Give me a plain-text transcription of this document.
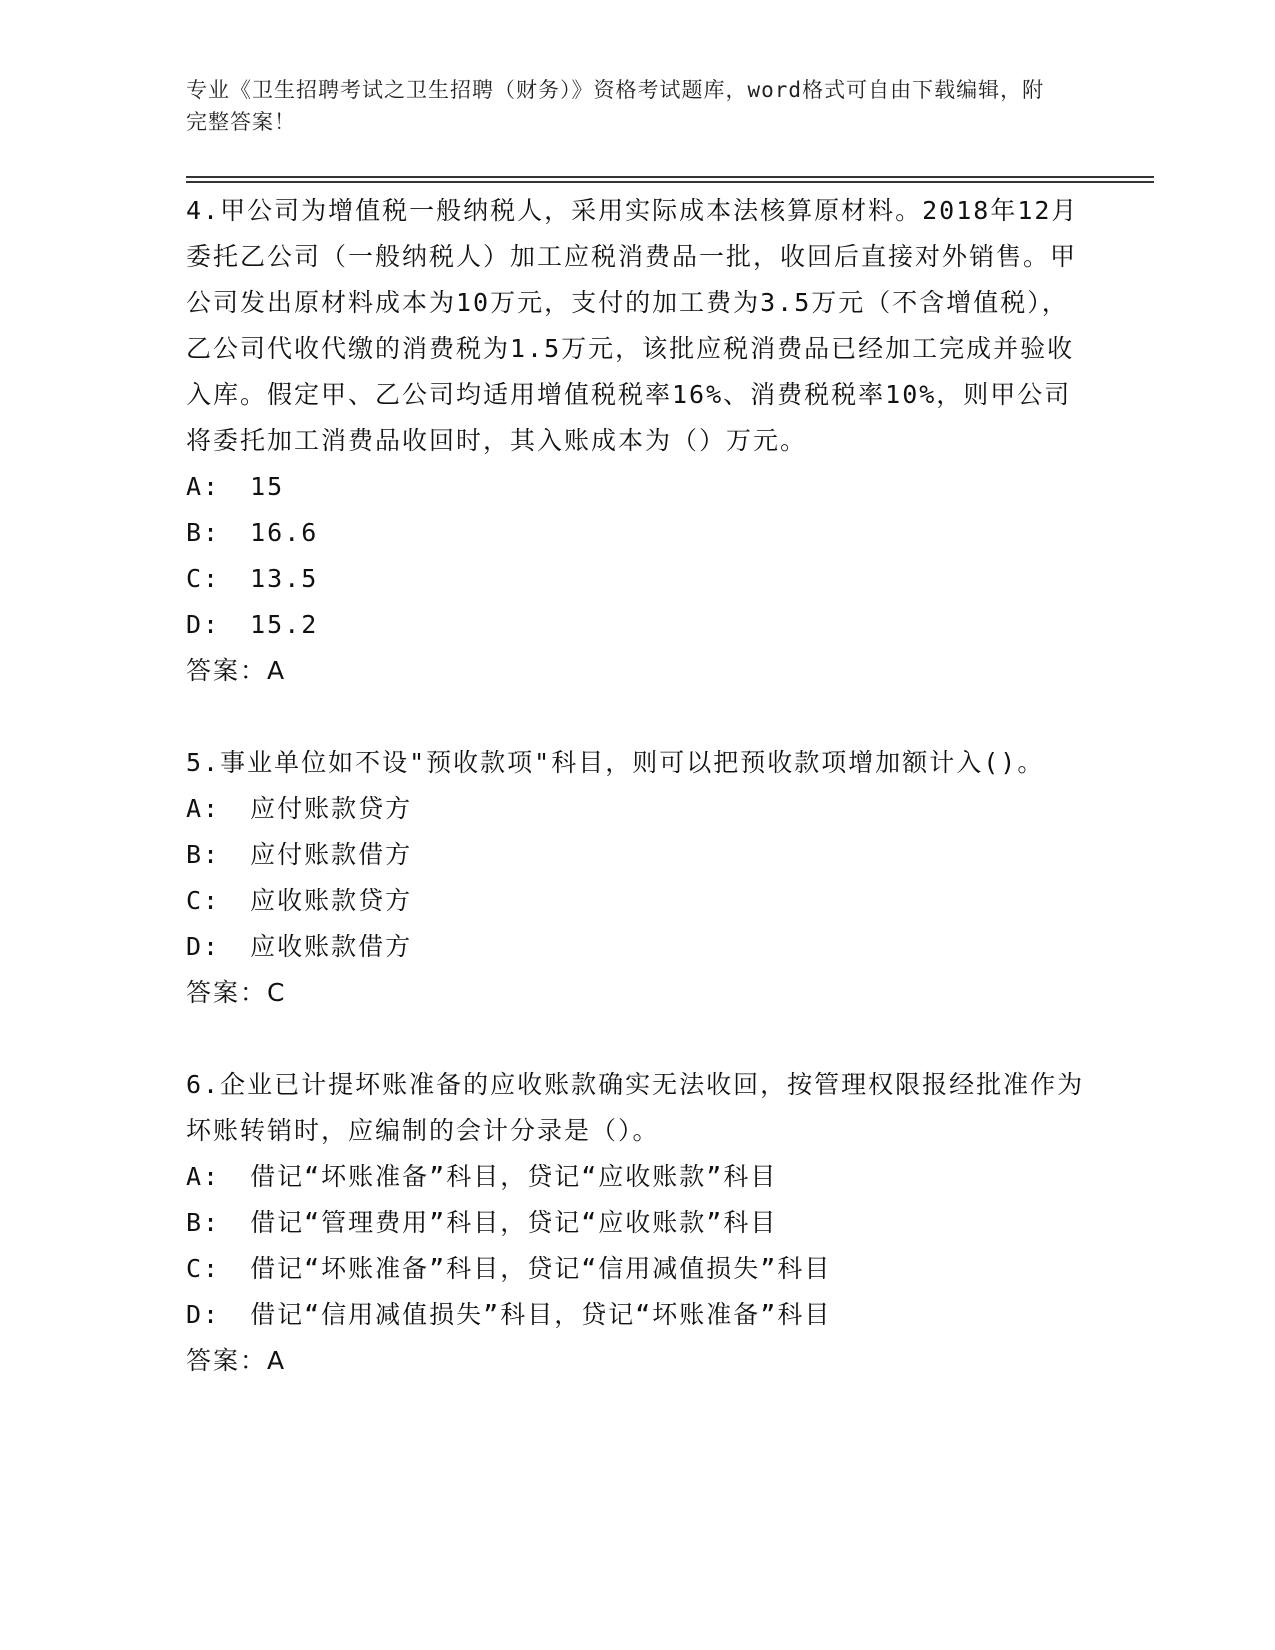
专业《卫生招聘考试之卫生招聘（财务）》资格考试题库，word格式可自由下载编辑，附完整答案！

4.甲公司为增值税一般纳税人，采用实际成本法核算原材料。2018年12月委托乙公司（一般纳税人）加工应税消费品一批，收回后直接对外销售。甲公司发出原材料成本为10万元，支付的加工费为3.5万元（不含增值税），乙公司代收代缴的消费税为1.5万元，该批应税消费品已经加工完成并验收入库。假定甲、乙公司均适用增值税税率16%、消费税税率10%，则甲公司将委托加工消费品收回时，其入账成本为（）万元。

A: 15

B: 16.6

C: 13.5

D: 15.2

答案：A

5.事业单位如不设"预收款项"科目，则可以把预收款项增加额计入()。

A: 应付账款贷方

B: 应付账款借方

C: 应收账款贷方

D: 应收账款借方

答案：C

6.企业已计提坏账准备的应收账款确实无法收回，按管理权限报经批准作为坏账转销时，应编制的会计分录是（）。

A: 借记“坏账准备”科目，贷记“应收账款”科目

B: 借记“管理费用”科目，贷记“应收账款”科目

C: 借记“坏账准备”科目，贷记“信用减值损失”科目

D: 借记“信用减值损失”科目，贷记“坏账准备”科目

答案：A
